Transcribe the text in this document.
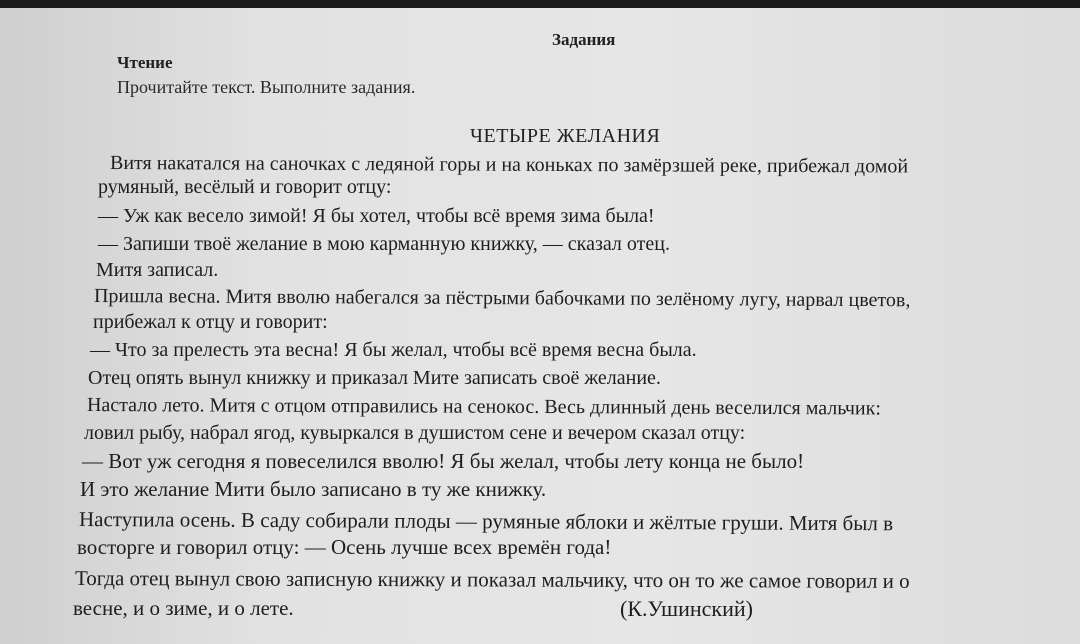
Задания
Чтение
Прочитайте текст. Выполните задания.
ЧЕТЫРЕ ЖЕЛАНИЯ
Витя накатался на саночках с ледяной горы и на коньках по замёрзшей реке, прибежал домой
румяный, весёлый и говорит отцу:
— Уж как весело зимой! Я бы хотел, чтобы всё время зима была!
— Запиши твоё желание в мою карманную книжку, — сказал отец.
Митя записал.
Пришла весна. Митя вволю набегался за пёстрыми бабочками по зелёному лугу, нарвал цветов,
прибежал к отцу и говорит:
— Что за прелесть эта весна! Я бы желал, чтобы всё время весна была.
Отец опять вынул книжку и приказал Мите записать своё желание.
Настало лето. Митя с отцом отправились на сенокос. Весь длинный день веселился мальчик:
ловил рыбу, набрал ягод, кувыркался в душистом сене и вечером сказал отцу:
— Вот уж сегодня я повеселился вволю! Я бы желал, чтобы лету конца не было!
И это желание Мити было записано в ту же книжку.
Наступила осень. В саду собирали плоды — румяные яблоки и жёлтые груши. Митя был в
восторге и говорил отцу: — Осень лучше всех времён года!
Тогда отец вынул свою записную книжку и показал мальчику, что он то же самое говорил и о
весне, и о зиме, и о лете.	(К.Ушинский)
